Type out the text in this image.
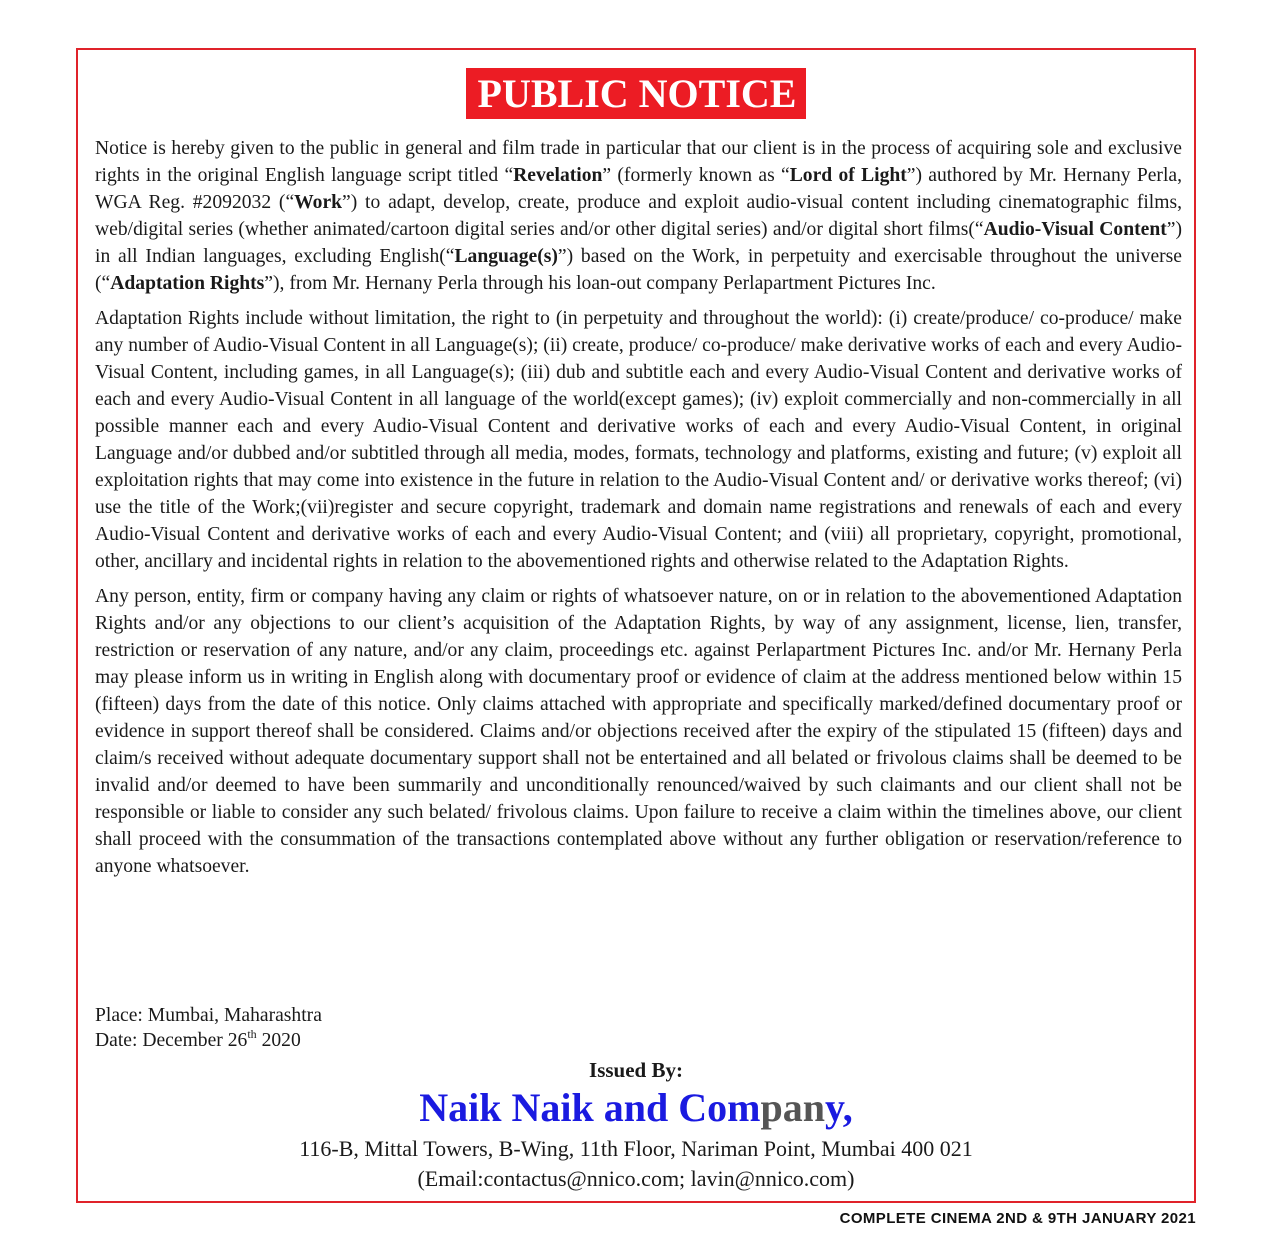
PUBLIC NOTICE

Notice is hereby given to the public in general and film trade in particular that our client is in the process of acquiring sole and exclusive rights in the original English language script titled “Revelation” (formerly known as “Lord of Light”) authored by Mr. Hernany Perla, WGA Reg. #2092032 (“Work”) to adapt, develop, create, produce and exploit audio-visual content including cinematographic films, web/digital series (whether animated/cartoon digital series and/or other digital series) and/or digital short films(“Audio-Visual Content”) in all Indian languages, excluding English(“Language(s)”) based on the Work, in perpetuity and exercisable throughout the universe (“Adaptation Rights”), from Mr. Hernany Perla through his loan-out company Perlapartment Pictures Inc.

Adaptation Rights include without limitation, the right to (in perpetuity and throughout the world): (i) create/produce/ co-produce/ make any number of Audio-Visual Content in all Language(s); (ii) create, produce/ co-produce/ make derivative works of each and every Audio-Visual Content, including games, in all Language(s); (iii) dub and subtitle each and every Audio-Visual Content and derivative works of each and every Audio-Visual Content in all language of the world(except games); (iv) exploit commercially and non-commercially in all possible manner each and every Audio-Visual Content and derivative works of each and every Audio-Visual Content, in original Language and/or dubbed and/or subtitled through all media, modes, formats, technology and platforms, existing and future; (v) exploit all exploitation rights that may come into existence in the future in relation to the Audio-Visual Content and/ or derivative works thereof; (vi) use the title of the Work;(vii)register and secure copyright, trademark and domain name registrations and renewals of each and every Audio-Visual Content and derivative works of each and every Audio-Visual Content; and (viii) all proprietary, copyright, promotional, other, ancillary and incidental rights in relation to the abovementioned rights and otherwise related to the Adaptation Rights.

Any person, entity, firm or company having any claim or rights of whatsoever nature, on or in relation to the abovementioned Adaptation Rights and/or any objections to our client’s acquisition of the Adaptation Rights, by way of any assignment, license, lien, transfer, restriction or reservation of any nature, and/or any claim, proceedings etc. against Perlapartment Pictures Inc. and/or Mr. Hernany Perla may please inform us in writing in English along with documentary proof or evidence of claim at the address mentioned below within 15 (fifteen) days from the date of this notice. Only claims attached with appropriate and specifically marked/defined documentary proof or evidence in support thereof shall be considered. Claims and/or objections received after the expiry of the stipulated 15 (fifteen) days and claim/s received without adequate documentary support shall not be entertained and all belated or frivolous claims shall be deemed to be invalid and/or deemed to have been summarily and unconditionally renounced/waived by such claimants and our client shall not be responsible or liable to consider any such belated/ frivolous claims. Upon failure to receive a claim within the timelines above, our client shall proceed with the consummation of the transactions contemplated above without any further obligation or reservation/reference to anyone whatsoever.

Place: Mumbai, Maharashtra
Date: December 26th 2020
Issued By:
Naik Naik and Company,
116-B, Mittal Towers, B-Wing, 11th Floor, Nariman Point, Mumbai 400 021
(Email:contactus@nnico.com; lavin@nnico.com)
COMPLETE CINEMA 2ND & 9TH JANUARY 2021
